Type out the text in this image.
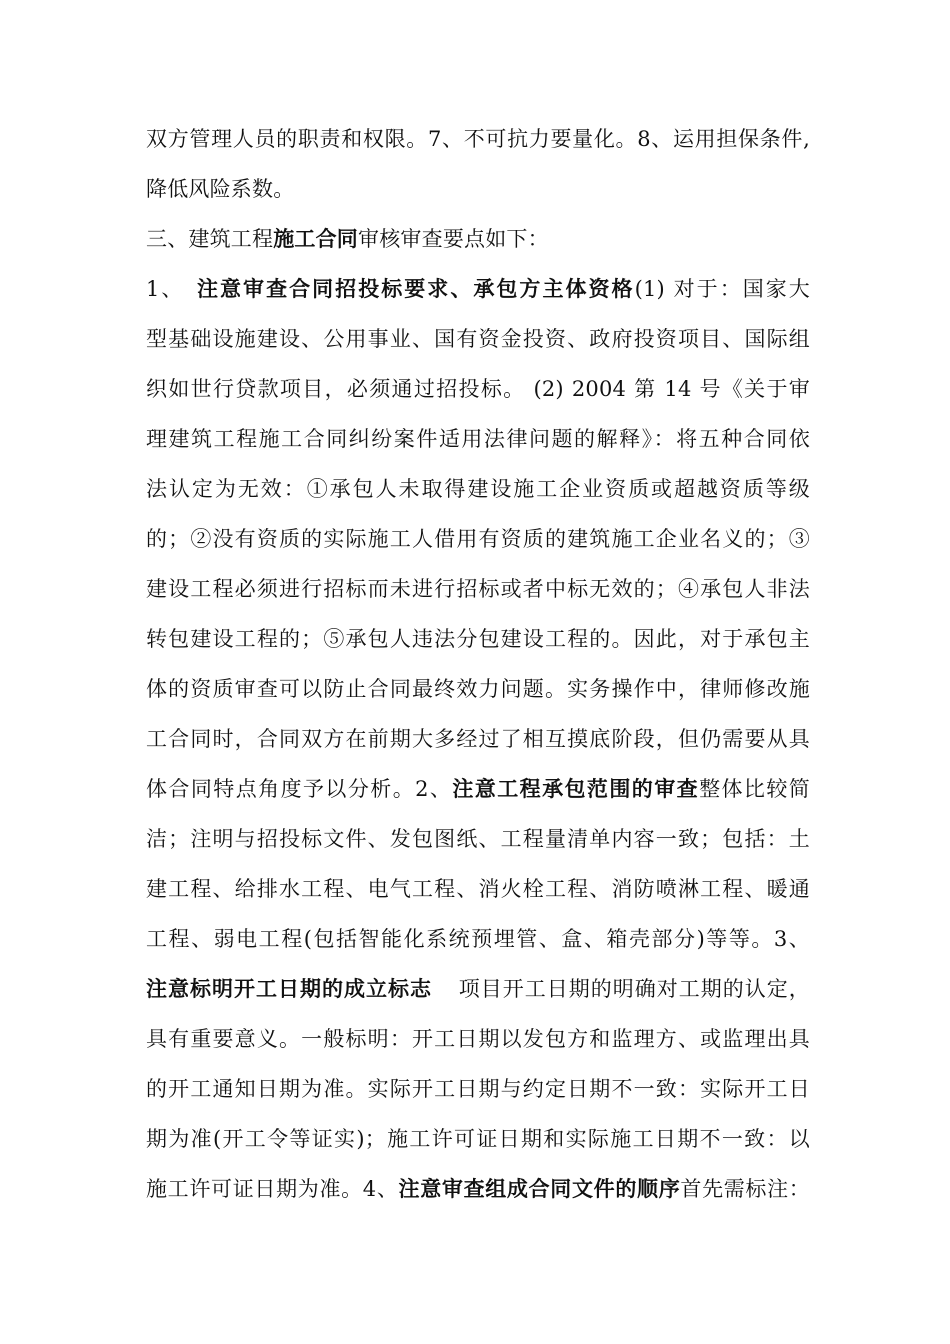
双方管理人员的职责和权限。7、不可抗力要量化。8、运用担保条件,
降低风险系数。
三、建筑工程施工合同审核审查要点如下：
1、　注意审查合同招投标要求、承包方主体资格(1) 对于：国家大
型基础设施建设、公用事业、国有资金投资、政府投资项目、国际组
织如世行贷款项目，必须通过招投标。 (2) 2004 第 14 号《关于审
理建筑工程施工合同纠纷案件适用法律问题的解释》：将五种合同依
法认定为无效：①承包人未取得建设施工企业资质或超越资质等级
的；②没有资质的实际施工人借用有资质的建筑施工企业名义的；③
建设工程必须进行招标而未进行招标或者中标无效的；④承包人非法
转包建设工程的；⑤承包人违法分包建设工程的。因此，对于承包主
体的资质审查可以防止合同最终效力问题。实务操作中，律师修改施
工合同时，合同双方在前期大多经过了相互摸底阶段，但仍需要从具
体合同特点角度予以分析。2、注意工程承包范围的审查整体比较简
洁；注明与招投标文件、发包图纸、工程量清单内容一致；包括：土
建工程、给排水工程、电气工程、消火栓工程、消防喷淋工程、暖通
工程、弱电工程(包括智能化系统预埋管、盒、箱壳部分)等等。3、
注意标明开工日期的成立标志 项目开工日期的明确对工期的认定，
具有重要意义。一般标明：开工日期以发包方和监理方、或监理出具
的开工通知日期为准。实际开工日期与约定日期不一致：实际开工日
期为准(开工令等证实)；施工许可证日期和实际施工日期不一致：以
施工许可证日期为准。4、注意审查组成合同文件的顺序首先需标注：
